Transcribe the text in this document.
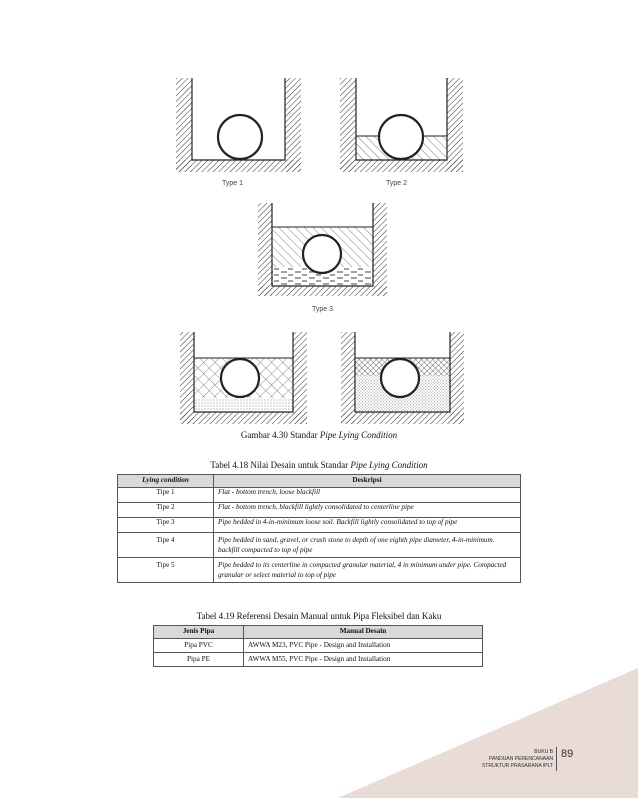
Type 1	Type 2
Type 3
Gambar 4.30 Standar Pipe Lying Condition
Tabel 4.18 Nilai Desain untuk Standar Pipe Lying Condition
Lying condition	Deskripsi
Tipe 1	Flat - bottom trench, loose blackfill
Tipe 2	Flat - bottom trench, blackfill lightly consolidated to centerline pipe
Tipe 3	Pipe bedded in 4-in-minimum loose soil. Backfill lightly consolidated to top of pipe
Tipe 4	Pipe bedded in sand, gravel, or crush stone to depth of one eighth pipe diameter, 4-in-minimum. backfill compacted to top of pipe
Tipe 5	Pipe bedded to its centerline in compacted granular material, 4 in minimum under pipe. Compacted granular or select material to top of pipe
Tabel 4.19 Referensi Desain Manual untuk Pipa Fleksibel dan Kaku
Jenis Pipa	Manual Desain
Pipa PVC	AWWA M23, PVC Pipe - Design and Installation
Pipa PE	AWWA M55, PVC Pipe - Design and Installation
BUKU B
PANDUAN PERENCANAAN
STRUKTUR PRASARANA IPLT
89
